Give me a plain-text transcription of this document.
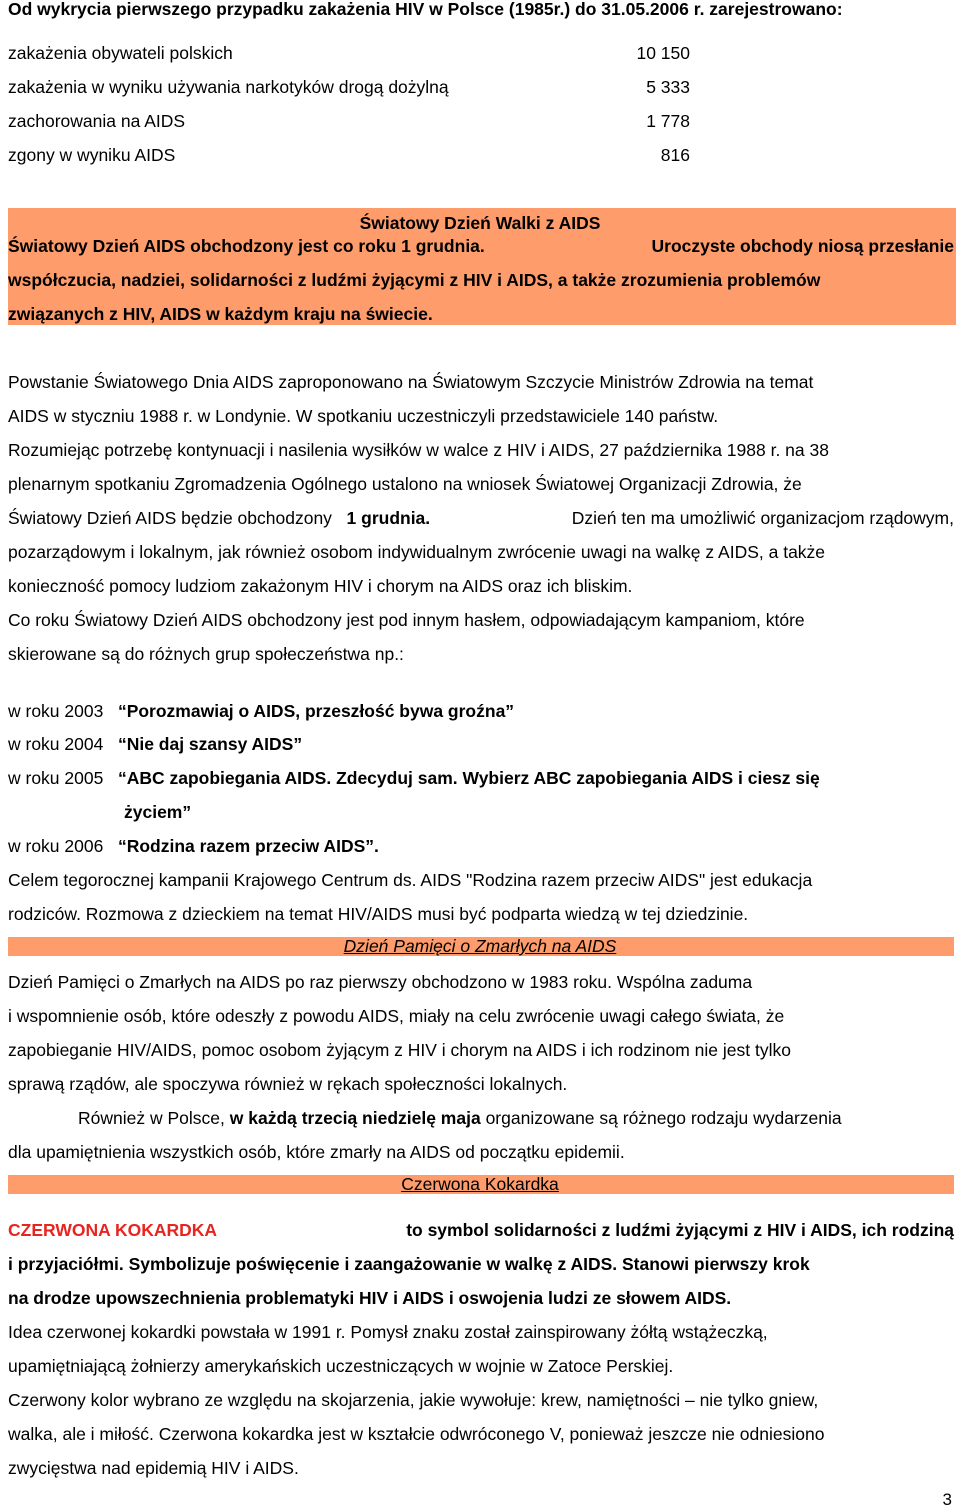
Od wykrycia pierwszego przypadku zakażenia HIV w Polsce (1985r.) do 31.05.2006 r. zarejestrowano:
zakażenia obywateli polskich	10 150
zakażenia w wyniku używania narkotyków drogą dożylną	5 333
zachorowania na AIDS	1 778
zgony w wyniku AIDS	816
Światowy Dzień Walki z AIDS
Światowy Dzień AIDS obchodzony jest co roku 1 grudnia.	Uroczyste obchody niosą przesłanie
współczucia, nadziei, solidarności z ludźmi żyjącymi z HIV i AIDS, a także zrozumienia problemów
związanych z HIV, AIDS w każdym kraju na świecie.
Powstanie Światowego Dnia AIDS zaproponowano na Światowym Szczycie Ministrów Zdrowia na temat
AIDS w styczniu 1988 r. w Londynie. W spotkaniu uczestniczyli przedstawiciele 140 państw.
Rozumiejąc potrzebę kontynuacji i nasilenia wysiłków w walce z HIV i AIDS, 27 października 1988 r. na 38
plenarnym spotkaniu Zgromadzenia Ogólnego ustalono na wniosek Światowej Organizacji Zdrowia, że
Światowy Dzień AIDS będzie obchodzony 1 grudnia.	Dzień ten ma umożliwić organizacjom rządowym,
pozarządowym i lokalnym, jak również osobom indywidualnym zwrócenie uwagi na walkę z AIDS, a także
konieczność pomocy ludziom zakażonym HIV i chorym na AIDS oraz ich bliskim.
Co roku Światowy Dzień AIDS obchodzony jest pod innym hasłem, odpowiadającym kampaniom, które
skierowane są do różnych grup społeczeństwa np.:
w roku 2003 “Porozmawiaj o AIDS, przeszłość bywa groźna”
w roku 2004 “Nie daj szansy AIDS”
w roku 2005 “ABC zapobiegania AIDS. Zdecyduj sam. Wybierz ABC zapobiegania AIDS i ciesz się
życiem”
w roku 2006 “Rodzina razem przeciw AIDS”.
Celem tegorocznej kampanii Krajowego Centrum ds. AIDS "Rodzina razem przeciw AIDS" jest edukacja
rodziców. Rozmowa z dzieckiem na temat HIV/AIDS musi być podparta wiedzą w tej dziedzinie.
Dzień Pamięci o Zmarłych na AIDS
Dzień Pamięci o Zmarłych na AIDS po raz pierwszy obchodzono w 1983 roku. Wspólna zaduma
i wspomnienie osób, które odeszły z powodu AIDS, miały na celu zwrócenie uwagi całego świata, że
zapobieganie HIV/AIDS, pomoc osobom żyjącym z HIV i chorym na AIDS i ich rodzinom nie jest tylko
sprawą rządów, ale spoczywa również w rękach społeczności lokalnych.
Również w Polsce, w każdą trzecią niedzielę maja organizowane są różnego rodzaju wydarzenia
dla upamiętnienia wszystkich osób, które zmarły na AIDS od początku epidemii.
Czerwona Kokardka
CZERWONA KOKARDKA	to symbol solidarności z ludźmi żyjącymi z HIV i AIDS, ich rodziną
i przyjaciółmi. Symbolizuje poświęcenie i zaangażowanie w walkę z AIDS. Stanowi pierwszy krok
na drodze upowszechnienia problematyki HIV i AIDS i oswojenia ludzi ze słowem AIDS.
Idea czerwonej kokardki powstała w 1991 r. Pomysł znaku został zainspirowany żółtą wstążeczką,
upamiętniającą żołnierzy amerykańskich uczestniczących w wojnie w Zatoce Perskiej.
Czerwony kolor wybrano ze względu na skojarzenia, jakie wywołuje: krew, namiętności – nie tylko gniew,
walka, ale i miłość. Czerwona kokardka jest w kształcie odwróconego V, ponieważ jeszcze nie odniesiono
zwycięstwa nad epidemią HIV i AIDS.
3
